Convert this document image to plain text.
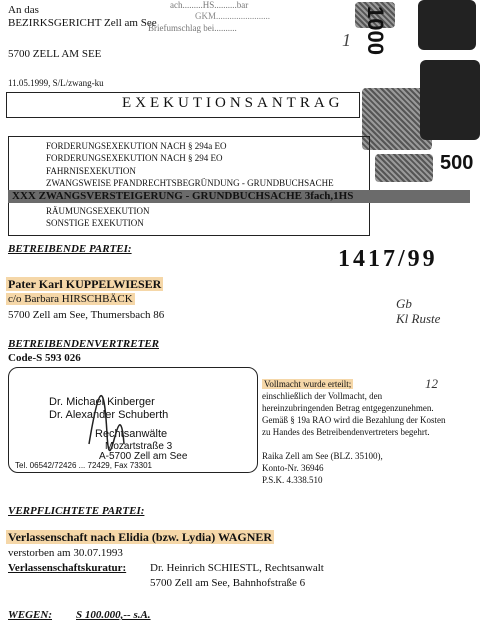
An das
BEZIRKSGERICHT Zell am See
5700 ZELL AM SEE
11.05.1999, S/L/zwang-ku
ach.........HS..........bar
GKM........................
Briefumschlag bei..........
1 1000
500
EXEKUTIONSANTRAG
FORDERUNGSEXEKUTION NACH § 294a EO
FORDERUNGSEXEKUTION NACH § 294 EO
FAHRNISEXEKUTION
ZWANGSWEISE PFANDRECHTSBEGRÜNDUNG - GRUNDBUCHSACHE
XXX ZWANGSVERSTEIGERUNG - GRUNDBUCHSACHE 3fach,1HS
RÄUMUNGSEXEKUTION
SONSTIGE EXEKUTION
BETREIBENDE PARTEI:	1417/99
Pater Karl KUPPELWIESER
c/o Barbara HIRSCHBÄCK
5700 Zell am See, Thumersbach 86
Gb
Kl Ruste
12
BETREIBENDENVERTRETER
Code-S 593 026
Dr. Michael Kinberger
Dr. Alexander Schuberth
Rechtsanwälte
Mozartstraße 3
A-5700 Zell am See
Tel. 06542/72426 ... 72429, Fax 73301
Vollmacht wurde erteilt;
einschließlich der Vollmacht, den
hereinzubringenden Betrag entgegenzunehmen.
Gemäß § 19a RAO wird die Bezahlung der Kosten
zu Handes des Betreibendenvertreters begehrt.
Raika Zell am See (BLZ. 35100),
Konto-Nr. 36946
P.S.K. 4.338.510
VERPFLICHTETE PARTEI:
Verlassenschaft nach Elidia (bzw. Lydia) WAGNER
verstorben am 30.07.1993
Verlassenschaftskuratur: Dr. Heinrich SCHIESTL, Rechtsanwalt
5700 Zell am See, Bahnhofstraße 6
WEGEN: S 100.000,-- s.A.
